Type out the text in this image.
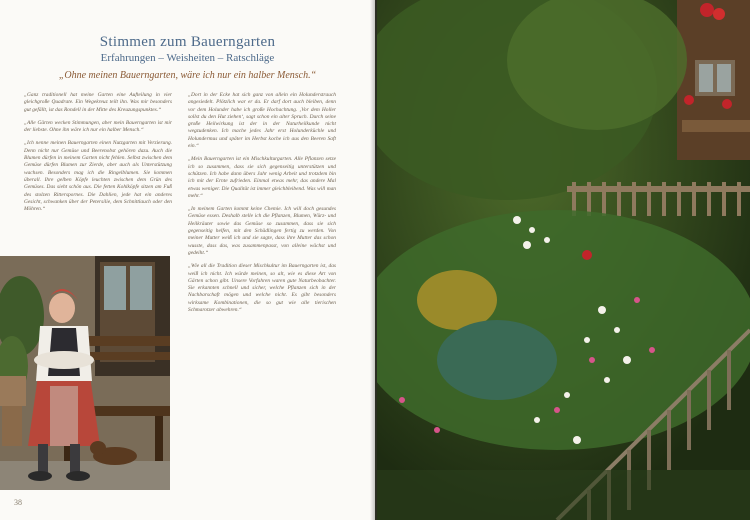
Stimmen zum Bauerngarten
Erfahrungen – Weisheiten – Ratschläge
„Ohne meinen Bauerngarten, wäre ich nur ein halber Mensch.“

„Ganz traditionell hat meine Garten eine Aufteilung in vier gleichgroße Quadrate. Ein Wegekreuz teilt ihn. Was mir besonders gut gefällt, ist das Rondell in der Mitte des Kreuzungspunktes.“

„Alle Gärten wecken Stimmungen, aber mein Bauerngarten ist mir der liebste. Ohne ihn wäre ich nur ein halber Mensch.“

„Ich nenne meinen Bauerngarten einen Nutzgarten mit Verzierung. Denn nicht nur Gemüse und Beerenobst gehören dazu. Auch die Blumen dürfen in meinem Garten nicht fehlen. Selbst zwischen dem Gemüse dürfen Blumen zur Zierde, aber auch als Unterstützung wachsen. Besonders mag ich die Ringelblumen. Sie kommen überall. Ihre gelben Köpfe leuchten zwischen dem Grün des Gemüses. Das sieht schön aus. Die fetten Kohlköpfe sitzen am Fuß des stolzen Ritterspornes. Die Dahlien, jede hat ein anderes Gesicht, schwanken über der Petersilie, dem Schnittlauch oder den Möhren.“

„Dort in der Ecke hat sich ganz von allein ein Holunderstrauch angesiedelt. Plötzlich war er da. Er darf dort auch bleiben, denn vor dem Holunder habe ich große Hochachtung. ‚Vor dem Holler sollst du den Hut ziehen‘, sagt schon ein alter Spruch. Durch seine große Heilwirkung ist der in der Naturheilkunde nicht wegzudenken. Ich mache jedes Jahr erst Holunderküchle und Holundermus und später im Herbst koche ich aus den Beeren Saft ein.“

„Mein Bauerngarten ist ein Mischkulturgarten. Alle Pflanzen setze ich so zusammen, dass sie sich gegenseitig unterstützen und schützen. Ich habe dann übers Jahr wenig Arbeit und trotzdem bin ich mit der Ernte zufrieden. Einmal etwas mehr, das andere Mal etwas weniger. Die Qualität ist immer gleichbleibend. Was will man mehr.“

„In meinem Garten kommt keine Chemie. Ich will doch gesundes Gemüse essen. Deshalb stelle ich die Pflanzen, Blumen, Würz- und Heilkräuter sowie das Gemüse so zusammen, dass sie sich gegenseitig helfen, mit den Schädlingen fertig zu werden. Von meiner Mutter weiß ich und sie sagte, dass ihre Mutter das schon wusste, dass das, was zusammenpasst, von alleine wächst und gedeiht.“

„Wie all die Tradition dieser Mischkultur im Bauerngarten ist, das weiß ich nicht. Ich würde meinen, so alt, wie es diese Art von Gärten schon gibt. Unsere Vorfahren waren gute Naturbeobachter. Sie erkannten schnell und sicher, welche Pflanzen sich in der Nachbarschaft mögen und welche nicht. Es gibt besonders wirksame Kombinationen, die so gut wie alle tierischen Schmarotzer abwehren.“

38
